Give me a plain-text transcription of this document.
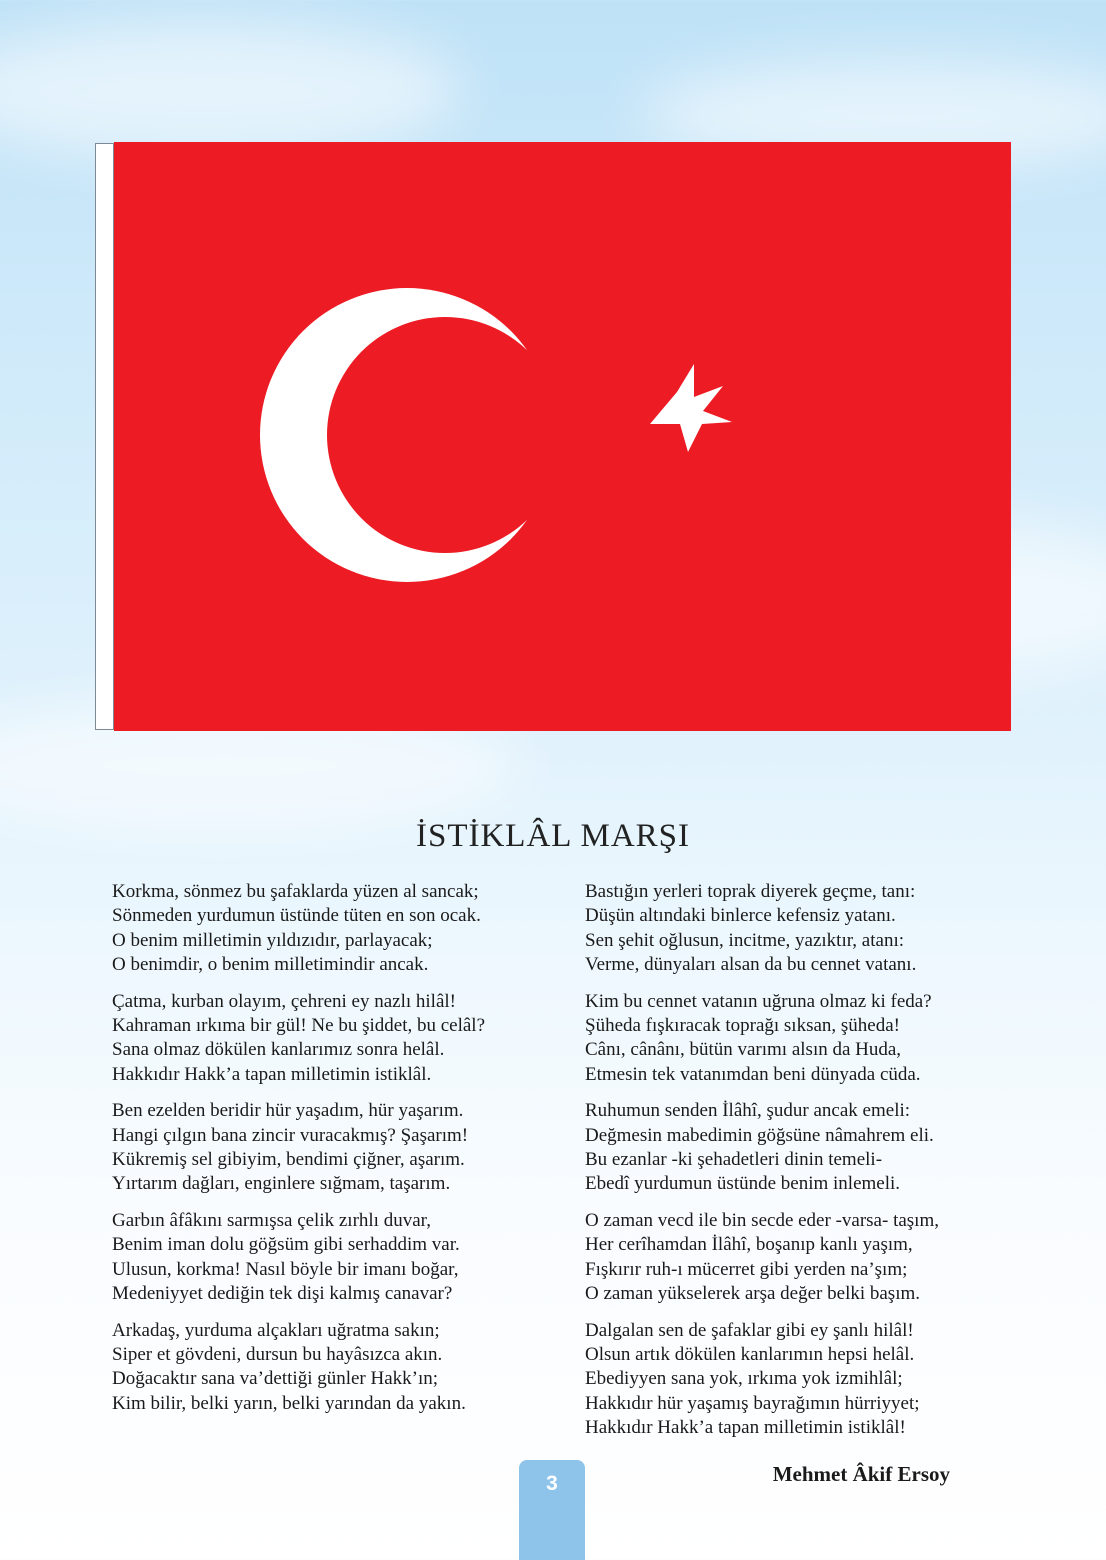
İSTİKLÂL MARŞI
Korkma, sönmez bu şafaklarda yüzen al sancak;
Sönmeden yurdumun üstünde tüten en son ocak.
O benim milletimin yıldızıdır, parlayacak;
O benimdir, o benim milletimindir ancak.
Çatma, kurban olayım, çehreni ey nazlı hilâl!
Kahraman ırkıma bir gül! Ne bu şiddet, bu celâl?
Sana olmaz dökülen kanlarımız sonra helâl.
Hakkıdır Hakk’a tapan milletimin istiklâl.
Ben ezelden beridir hür yaşadım, hür yaşarım.
Hangi çılgın bana zincir vuracakmış? Şaşarım!
Kükremiş sel gibiyim, bendimi çiğner, aşarım.
Yırtarım dağları, enginlere sığmam, taşarım.
Garbın âfâkını sarmışsa çelik zırhlı duvar,
Benim iman dolu göğsüm gibi serhaddim var.
Ulusun, korkma! Nasıl böyle bir imanı boğar,
Medeniyyet dediğin tek dişi kalmış canavar?
Arkadaş, yurduma alçakları uğratma sakın;
Siper et gövdeni, dursun bu hayâsızca akın.
Doğacaktır sana va’dettiği günler Hakk’ın;
Kim bilir, belki yarın, belki yarından da yakın.
Bastığın yerleri toprak diyerek geçme, tanı:
Düşün altındaki binlerce kefensiz yatanı.
Sen şehit oğlusun, incitme, yazıktır, atanı:
Verme, dünyaları alsan da bu cennet vatanı.
Kim bu cennet vatanın uğruna olmaz ki feda?
Şüheda fışkıracak toprağı sıksan, şüheda!
Cânı, cânânı, bütün varımı alsın da Huda,
Etmesin tek vatanımdan beni dünyada cüda.
Ruhumun senden İlâhî, şudur ancak emeli:
Değmesin mabedimin göğsüne nâmahrem eli.
Bu ezanlar -ki şehadetleri dinin temeli-
Ebedî yurdumun üstünde benim inlemeli.
O zaman vecd ile bin secde eder -varsa- taşım,
Her cerîhamdan İlâhî, boşanıp kanlı yaşım,
Fışkırır ruh-ı mücerret gibi yerden na’şım;
O zaman yükselerek arşa değer belki başım.
Dalgalan sen de şafaklar gibi ey şanlı hilâl!
Olsun artık dökülen kanlarımın hepsi helâl.
Ebediyyen sana yok, ırkıma yok izmihlâl;
Hakkıdır hür yaşamış bayrağımın hürriyyet;
Hakkıdır Hakk’a tapan milletimin istiklâl!
3	Mehmet Âkif Ersoy
